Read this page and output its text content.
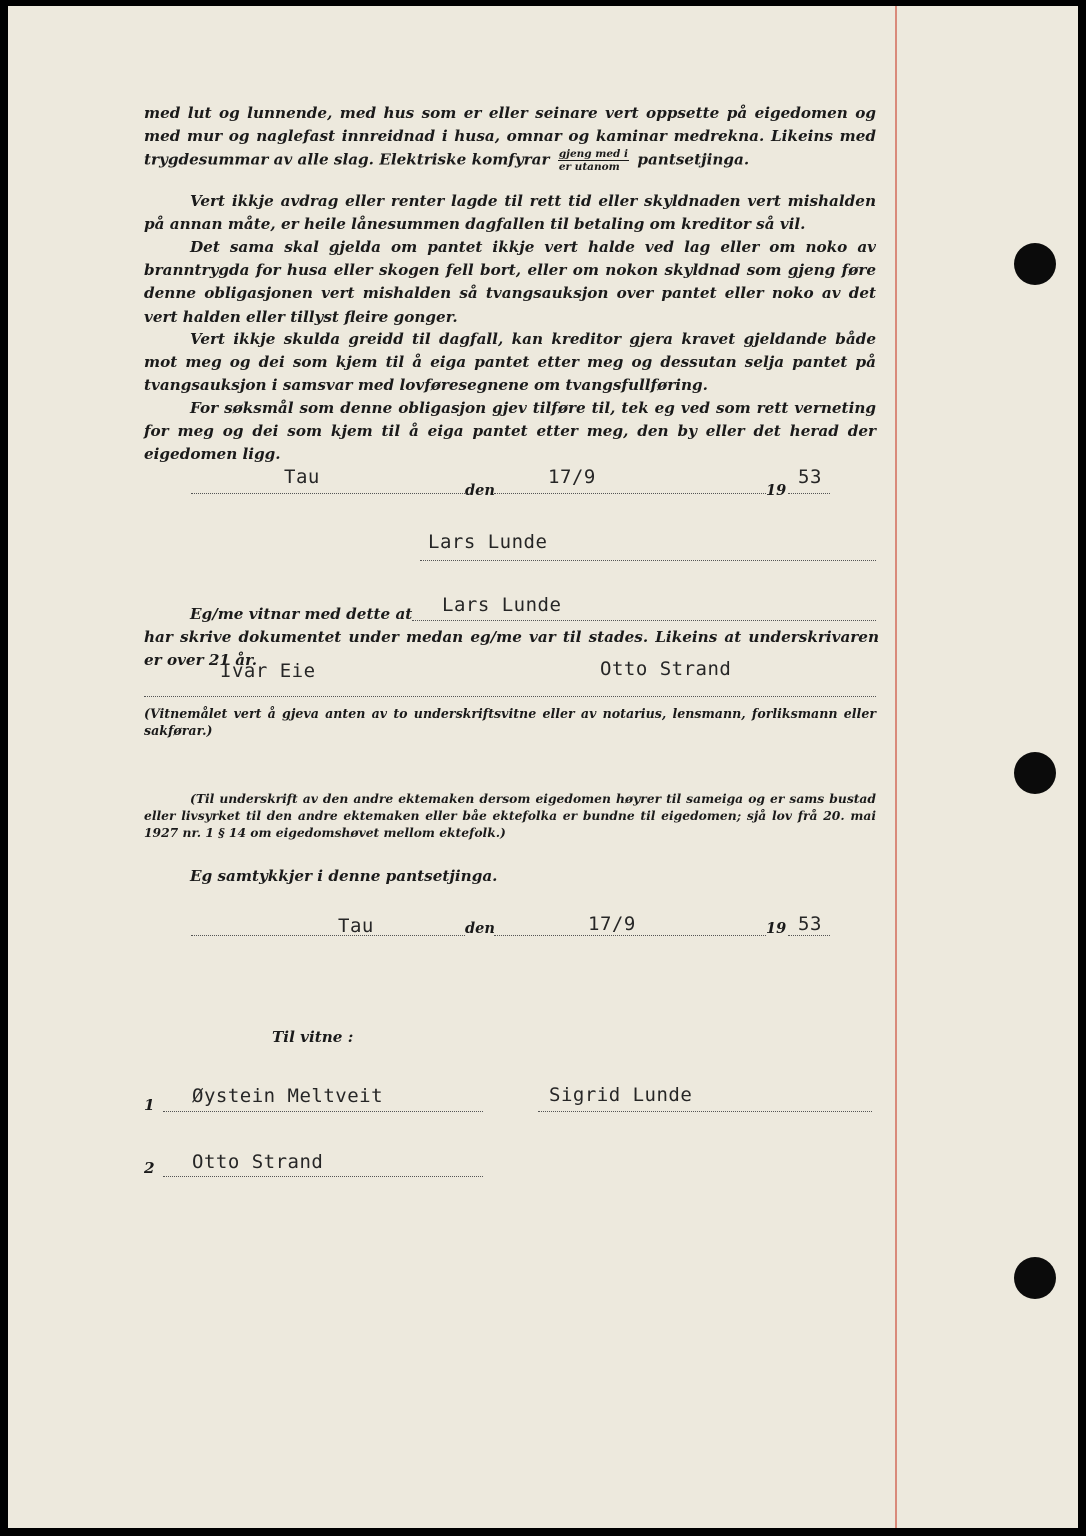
med lut og lunnende, med hus som er eller seinare vert oppsette på eigedomen og med mur og naglefast innreidnad i husa, omnar og kaminar medrekna. Likeins med trygdesummar av alle slag. Elektriske komfyrar $\frac{\text{gjeng med i}}{\text{er utanom}}$ pantsetjinga.

Vert ikkje avdrag eller renter lagde til rett tid eller skyldnaden vert mishalden på annan måte, er heile lånesummen dagfallen til betaling om kreditor så vil.

Det sama skal gjelda om pantet ikkje vert halde ved lag eller om noko av branntrygda for husa eller skogen fell bort, eller om nokon skyldnad som gjeng føre denne obligasjonen vert mishalden så tvangsauksjon over pantet eller noko av det vert halden eller tillyst fleire gonger.

Vert ikkje skulda greidd til dagfall, kan kreditor gjera kravet gjeldande både mot meg og dei som kjem til å eiga pantet etter meg og dessutan selja pantet på tvangsauksjon i samsvar med lovføresegnene om tvangsfullføring.

For søksmål som denne obligasjon gjev tilføre til, tek eg ved som rett verneting for meg og dei som kjem til å eiga pantet etter meg, den by eller det herad der eigedomen ligg.

Tau
den
17/9
19
53
Lars Lunde
Eg/me vitnar med dette at Lars Lunde

har skrive dokumentet under medan eg/me var til stades. Likeins at underskrivaren er over 21 år.

Ivar Eie	Otto Strand
(Vitnemålet vert å gjeva anten av to underskriftsvitne eller av notarius, lensmann, forliksmann eller sakførar.)
(Til underskrift av den andre ektemaken dersom eigedomen høyrer til sameiga og er sams bustad eller livsyrket til den andre ektemaken eller båe ektefolka er bundne til eigedomen; sjå lov frå 20. mai 1927 nr. 1 § 14 om eigedomshøvet mellom ektefolk.)
Eg samtykkjer i denne pantsetjinga.
Tau	den	17/9	19 53
Til vitne :
1 Øystein Meltveit	Sigrid Lunde
2 Otto Strand
